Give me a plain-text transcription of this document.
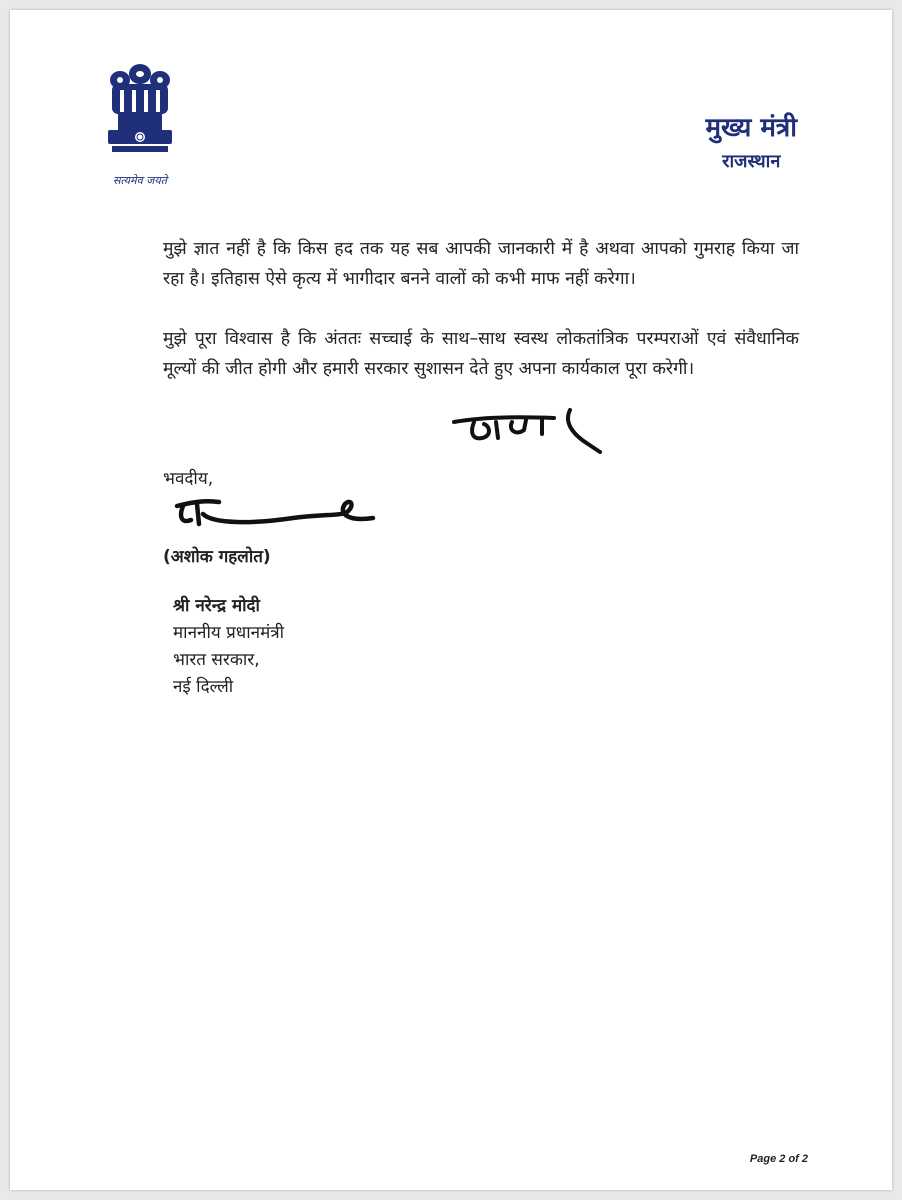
सत्यमेव जयते
मुख्य मंत्री
राजस्थान

मुझे ज्ञात नहीं है कि किस हद तक यह सब आपकी जानकारी में है अथवा आपको गुमराह किया जा रहा है। इतिहास ऐसे कृत्य में भागीदार बनने वालों को कभी माफ नहीं करेगा।

मुझे पूरा विश्वास है कि अंततः सच्चाई के साथ–साथ स्वस्थ लोकतांत्रिक परम्पराओं एवं संवैधानिक मूल्यों की जीत होगी और हमारी सरकार सुशासन देते हुए अपना कार्यकाल पूरा करेगी।

भवदीय,
(अशोक गहलोत)
श्री नरेन्द्र मोदी
माननीय प्रधानमंत्री
भारत सरकार,
नई दिल्ली
Page 2 of 2
